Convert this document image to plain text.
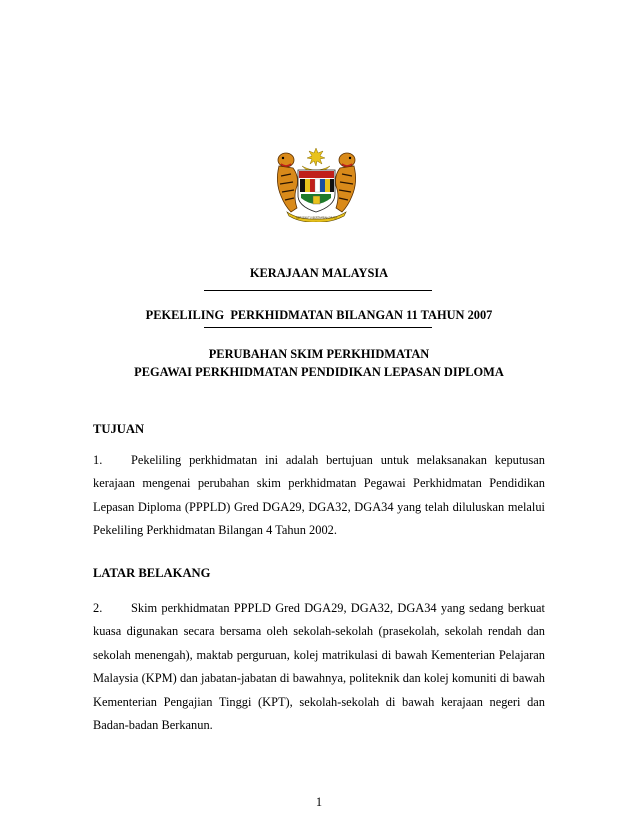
BERSEKUTU BERTAMBAH MUTU
KERAJAAN MALAYSIA
PEKELILING  PERKHIDMATAN BILANGAN 11 TAHUN 2007
PERUBAHAN SKIM PERKHIDMATAN
PEGAWAI PERKHIDMATAN PENDIDIKAN LEPASAN DIPLOMA
TUJUAN
1. Pekeliling perkhidmatan ini adalah bertujuan untuk melaksanakan keputusan kerajaan mengenai perubahan skim perkhidmatan Pegawai Perkhidmatan Pendidikan Lepasan Diploma (PPPLD) Gred DGA29, DGA32, DGA34 yang telah diluluskan melalui Pekeliling Perkhidmatan Bilangan 4 Tahun 2002.
LATAR BELAKANG
2. Skim perkhidmatan PPPLD Gred DGA29, DGA32, DGA34 yang sedang berkuat kuasa digunakan secara bersama oleh sekolah-sekolah (prasekolah, sekolah rendah dan sekolah menengah), maktab perguruan, kolej matrikulasi di bawah Kementerian Pelajaran Malaysia (KPM) dan jabatan-jabatan di bawahnya, politeknik dan kolej komuniti di bawah Kementerian Pengajian Tinggi (KPT), sekolah-sekolah di bawah kerajaan negeri dan Badan-badan Berkanun.
1
